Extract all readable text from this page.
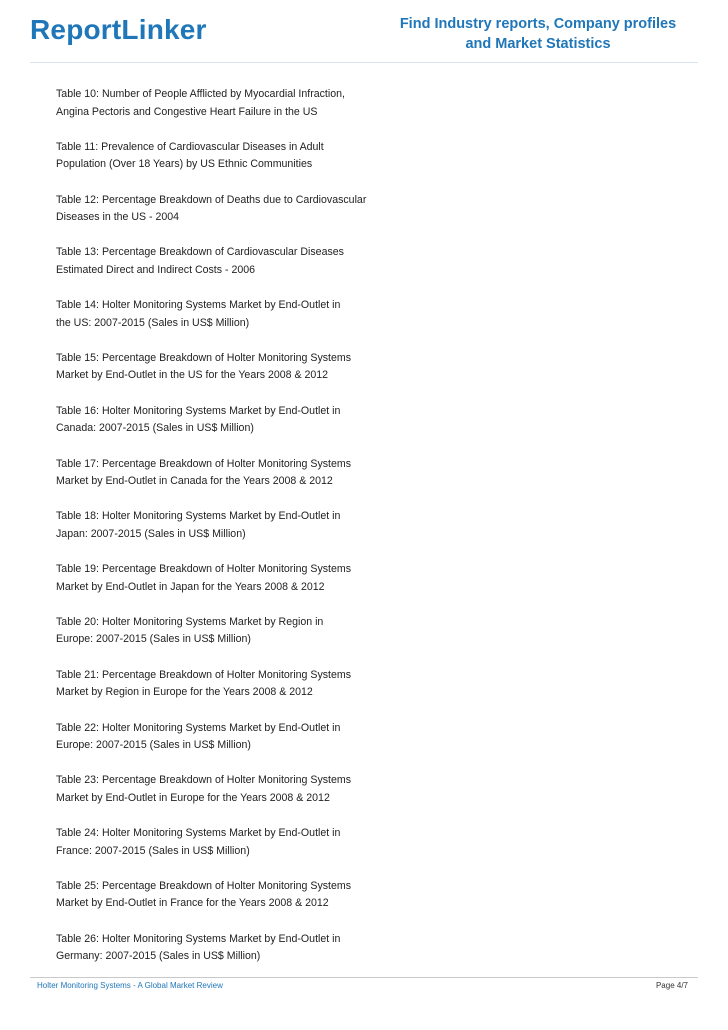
ReportLinker	Find Industry reports, Company profiles
and Market Statistics
Table 10: Number of People Afflicted by Myocardial Infraction,
Angina Pectoris and Congestive Heart Failure in the US
Table 11: Prevalence of Cardiovascular Diseases in Adult
Population (Over 18 Years) by US Ethnic Communities
Table 12: Percentage Breakdown of Deaths due to Cardiovascular
Diseases in the US - 2004
Table 13: Percentage Breakdown of Cardiovascular Diseases
Estimated Direct and Indirect Costs - 2006
Table 14: Holter Monitoring Systems Market by End-Outlet in
the US: 2007-2015 (Sales in US$ Million)
Table 15: Percentage Breakdown of Holter Monitoring Systems
Market by End-Outlet in the US for the Years 2008 & 2012
Table 16: Holter Monitoring Systems Market by End-Outlet in
Canada: 2007-2015 (Sales in US$ Million)
Table 17: Percentage Breakdown of Holter Monitoring Systems
Market by End-Outlet in Canada for the Years 2008 & 2012
Table 18: Holter Monitoring Systems Market by End-Outlet in
Japan: 2007-2015 (Sales in US$ Million)
Table 19: Percentage Breakdown of Holter Monitoring Systems
Market by End-Outlet in Japan for the Years 2008 & 2012
Table 20: Holter Monitoring Systems Market by Region in
Europe: 2007-2015 (Sales in US$ Million)
Table 21: Percentage Breakdown of Holter Monitoring Systems
Market by Region in Europe for the Years 2008 & 2012
Table 22: Holter Monitoring Systems Market by End-Outlet in
Europe: 2007-2015 (Sales in US$ Million)
Table 23: Percentage Breakdown of Holter Monitoring Systems
Market by End-Outlet in Europe for the Years 2008 & 2012
Table 24: Holter Monitoring Systems Market by End-Outlet in
France: 2007-2015 (Sales in US$ Million)
Table 25: Percentage Breakdown of Holter Monitoring Systems
Market by End-Outlet in France for the Years 2008 & 2012
Table 26: Holter Monitoring Systems Market by End-Outlet in
Germany: 2007-2015 (Sales in US$ Million)
Holter Monitoring Systems - A Global Market Review	Page 4/7
